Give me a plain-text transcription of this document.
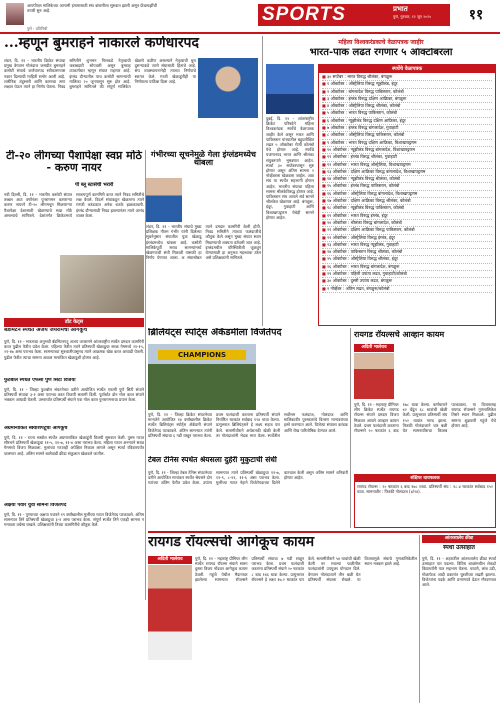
आयपीएल मालिकेच्या आगामी हंगामासाठी संघ बांधणीला सुरुवात झाली असून फ्रॅंचायझींची तयारी सुरु आहे.
पुणे : प्रतिनिधी
SPORTS	प्रभात
पुणे, गुरुवार, १२ जून २०२५	११
...म्हणून बुमराहने नाकारले कर्णधारपद
लंडन, दि. ११ - भारतीय क्रिकेट संघाचा प्रमुख वेगवान गोलंदाज जसप्रीत बुमराहने कसोटी संघाचे कर्णधारपद स्वीकारण्यास नकार दिल्याची माहिती समोर आली आहे. शारीरिक तंदुरुस्ती आणि कामाचा ताण लक्षात घेऊन त्याने हा निर्णय घेतला. निवड समितीने शुभमन गिलकडे नेतृत्वाची जबाबदारी सोपवली असून बुमराह उपकर्णधार म्हणून संघात राहणार आहे. इंग्लंड दौऱ्यातील पाच कसोटी सामन्यांची मालिका २० जूनपासून सुरु होत आहे. बुमराहने सांगितले की संपूर्ण मालिकेत खेळणे कठीण असल्याने नेतृत्वाची धुरा दुसऱ्याकडे जाणे संघासाठी हिताचे आहे. संघ व्यवस्थापनानेही त्याच्या निर्णयाचे स्वागत केले. माजी खेळाडूंनीही या निर्णयाला पाठिंबा दिला आहे.
गंभीरच्या सूचनेमुळे गेला इंग्लंडमध्येच थांबला
लंडन, दि. ११ - भारतीय संघाचे मुख्य प्रशिक्षक गौतम गंभीर यांनी दिलेल्या सूचनेनुसार संघातील युवा खेळाडू इंग्लंडमध्येच थांबला आहे. कसोटी मालिकेपूर्वी सराव सामन्यांमध्ये खेळण्याची संधी मिळावी यासाठी हा निर्णय घेण्यात आला. अ संघासोबत त्याने दमदार कामगिरी केली होती. निवड समितीने त्याच्या फलंदाजीचे कौतुक केले असून मुख्य संघात स्थान मिळण्याची शक्यता वर्तवली जात आहे. इंग्लंडमधील परिस्थितीशी जुळवून घेण्यासाठी हा अनुभव महत्त्वाचा ठरेल असे प्रशिक्षकांनी सांगितले.
टी-२० लीगच्या पैशापेक्षा स्वप्न मोठे - करुण नायर
पी ब्लू स्टार्सची भरारी
नवी दिल्ली, दि. ११ - भारतीय कसोटी संघात तब्बल आठ वर्षांनंतर पुनरागमन करणाऱ्या करुण नायरने टी-२० लीगमधून मिळणाऱ्या पैशापेक्षा देशासाठी खेळण्याचे स्वप्न मोठे असल्याचे सांगितले. देशांतर्गत क्रिकेटमध्ये सातत्यपूर्ण कामगिरी करत त्याने निवड समितीचे लक्ष वेधले. विदर्भ संघाकडून खेळताना त्याने रणजी करंडकात अनेक शतके झळकावली. इंग्लंड दौऱ्यासाठी निवड झाल्यानंतर त्याने आनंद व्यक्त केला.
डॉट केट्स
बॅडमिंटन स्पर्धेत अजय जयरामची आगेकूच
पुणे, दि. ११ - भारताचा अनुभवी बॅडमिंटनपटू अजय जयरामने आंतरराष्ट्रीय स्पर्धेत दमदार कामगिरी करत पुढील फेरीत प्रवेश केला. पहिल्या फेरीत त्याने प्रतिस्पर्धी खेळाडूचा सरळ गेममध्ये २१-१५, २१-१७ असा पराभव केला. सामन्याच्या सुरुवातीपासूनच त्याने आक्रमक खेळ करत आघाडी घेतली. पुढील फेरीत त्याचा सामना अव्वल मानांकित खेळाडूशी होणार आहे.
फुटबॉल स्पर्धेत एफसी पुणे सिटी विजयी
पुणे, दि. ११ - जिल्हा फुटबॉल संघटनेच्या वतीने आयोजित स्पर्धेत एफसी पुणे सिटी संघाने प्रतिस्पर्धी संघाचा ३-१ असा पराभव करत विजयी सलामी दिली. पूर्वार्धात दोन गोल करत संघाने भक्कम आघाडी घेतली. उत्तरार्धात प्रतिस्पर्धी संघाने एक गोल करत पुनरागमनाचा प्रयत्न केला.
अग्रमानांकित स्क्वॉशपटूंची आगेकूच
पुणे, दि. ११ - राज्य स्क्वॉश स्पर्धेत अग्रमानांकित खेळाडूंनी विजयी सुरुवात केली. पुरुष गटात सौरभने प्रतिस्पर्धी खेळाडूचा ११-५, ११-७, ११-४ असा पराभव केला. महिला गटात अनन्याने सरळ गेममध्ये विजय मिळवला. मुलांच्या गटातही अपेक्षित निकाल लागले असून स्पर्धा रविवारपर्यंत चालणार आहे. अंतिम सामने बालेवाडी क्रीडा संकुलात खेळवले जातील.
अक्षया पवार युवा सामना विजेतेपद
पुणे, दि. ११ - पुण्याच्या अक्षया पवारने १९ वर्षांखालील मुलींच्या गटात विजेतेपद पटकावले. अंतिम सामन्यात तिने प्रतिस्पर्धी खेळाडूचा ३-१ असा पराभव केला. संपूर्ण स्पर्धेत तिने एकही सामना न गमावता वर्चस्व राखले. प्रशिक्षकांनी तिच्या कामगिरीचे कौतुक केले.
महिला विश्वकरंडकाचे वेळापत्रक जाहीर
भारत-पाक लढत रंगणार ५ ऑक्टोबरला
दुबई, दि. ११ - आंतरराष्ट्रीय क्रिकेट परिषदेने महिला विश्वकरंडक स्पर्धेचे वेळापत्रक जाहीर केले असून भारत आणि पाकिस्तान यांच्यातील बहुप्रतीक्षित लढत ५ ऑक्टोबर रोजी कोलंबो येथे होणार आहे. स्पर्धेचे यजमानपद भारत आणि श्रीलंका संयुक्तपणे भूषवणार आहेत. स्पर्धा ३० सप्टेंबरपासून सुरु होणार असून अंतिम सामना २ नोव्हेंबरला खेळवला जाईल. आठ संघ या स्पर्धेत सहभागी होणार आहेत. भारतीय संघाचा पहिला सामना श्रीलंकेविरुद्ध होणार आहे. पाकिस्तान संघ आपले सर्व सामने श्रीलंकेत खेळणार आहे. बंगळुरू, इंदूर, गुवाहाटी आणि विशाखापट्टणम येथेही सामने होणार आहेत.
स्पर्धेचे वेळापत्रक
■ ३० सप्टेंबर : भारत विरुद्ध श्रीलंका, बंगळुरू
■ १ ऑक्टोबर : ऑस्ट्रेलिया विरुद्ध न्यूझीलंड, इंदूर
■ २ ऑक्टोबर : बांगलादेश विरुद्ध पाकिस्तान, कोलंबो
■ ३ ऑक्टोबर : इंग्लंड विरुद्ध दक्षिण आफ्रिका, बंगळुरू
■ ४ ऑक्टोबर : ऑस्ट्रेलिया विरुद्ध श्रीलंका, कोलंबो
■ ५ ऑक्टोबर : भारत विरुद्ध पाकिस्तान, कोलंबो
■ ६ ऑक्टोबर : न्यूझीलंड विरुद्ध दक्षिण आफ्रिका, इंदूर
■ ७ ऑक्टोबर : इंग्लंड विरुद्ध बांगलादेश, गुवाहाटी
■ ८ ऑक्टोबर : ऑस्ट्रेलिया विरुद्ध पाकिस्तान, कोलंबो
■ ९ ऑक्टोबर : भारत विरुद्ध दक्षिण आफ्रिका, विशाखापट्टणम
■ १० ऑक्टोबर : न्यूझीलंड विरुद्ध बांगलादेश, विशाखापट्टणम
■ ११ ऑक्टोबर : इंग्लंड विरुद्ध श्रीलंका, गुवाहाटी
■ १२ ऑक्टोबर : भारत विरुद्ध ऑस्ट्रेलिया, विशाखापट्टणम
■ १३ ऑक्टोबर : दक्षिण आफ्रिका विरुद्ध बांगलादेश, विशाखापट्टणम
■ १४ ऑक्टोबर : न्यूझीलंड विरुद्ध श्रीलंका, कोलंबो
■ १५ ऑक्टोबर : इंग्लंड विरुद्ध पाकिस्तान, कोलंबो
■ १६ ऑक्टोबर : ऑस्ट्रेलिया विरुद्ध बांगलादेश, विशाखापट्टणम
■ १७ ऑक्टोबर : दक्षिण आफ्रिका विरुद्ध श्रीलंका, कोलंबो
■ १८ ऑक्टोबर : न्यूझीलंड विरुद्ध पाकिस्तान, कोलंबो
■ १९ ऑक्टोबर : भारत विरुद्ध इंग्लंड, इंदूर
■ २० ऑक्टोबर : श्रीलंका विरुद्ध बांगलादेश, कोलंबो
■ २१ ऑक्टोबर : दक्षिण आफ्रिका विरुद्ध पाकिस्तान, कोलंबो
■ २२ ऑक्टोबर : ऑस्ट्रेलिया विरुद्ध इंग्लंड, इंदूर
■ २३ ऑक्टोबर : भारत विरुद्ध न्यूझीलंड, गुवाहाटी
■ २४ ऑक्टोबर : पाकिस्तान विरुद्ध श्रीलंका, कोलंबो
■ २५ ऑक्टोबर : ऑस्ट्रेलिया विरुद्ध श्रीलंका, इंदूर
■ २६ ऑक्टोबर : भारत विरुद्ध बांगलादेश, बंगळुरू
■ २९ ऑक्टोबर : पहिली उपांत्य लढत, गुवाहाटी/कोलंबो
■ ३० ऑक्टोबर : दुसरी उपांत्य लढत, बंगळुरू
■ २ नोव्हेंबर : अंतिम लढत, बंगळुरू/कोलंबो
ब्रिलियंट्स स्पोर्ट्स ॲकॅडमीला विजेतेपद
CHAMPIONS
पुणे, दि. ११ - जिल्हा क्रिकेट संघटनेच्या मान्यतेने आयोजित १४ वर्षांखालील क्रिकेट स्पर्धेत ब्रिलियंट्स स्पोर्ट्स ॲकॅडमी संघाने विजेतेपद पटकावले. अंतिम सामन्यात त्यांनी प्रतिस्पर्धी संघाचा ६ गडी राखून पराभव केला. प्रथम फलंदाजी करताना प्रतिस्पर्धी संघाने निर्धारित षटकांत सर्वबाद १२४ धावा केल्या. प्रत्युत्तरात ब्रिलियंट्सने हे लक्ष्य सहज पार केले. सलामीवीराने अर्धशतकी खेळी केली तर गोलंदाजांनी भेदक मारा केला. स्पर्धेतील सर्वोत्तम फलंदाज, गोलंदाज आणि मालिकावीर पुरस्कारांचे वितरण मान्यवरांच्या हस्ते करण्यात आले. विजेत्या संघाला करंडक आणि रोख पारितोषिक देण्यात आले.
टेबल टेनिस स्पर्धेत श्रेयसला दुहेरी मुकुटाची संधी
पुणे, दि. ११ - जिल्हा टेबल टेनिस संघटनेच्या वतीने आयोजित मानांकन स्पर्धेत श्रेयसने दोन गटांच्या अंतिम फेरीत प्रवेश केला. उपांत्य सामन्यात त्याने प्रतिस्पर्धी खेळाडूचा ११-७, ११-९, ८-११, ११-६ असा पराभव केला. मुलींच्या गटात नेहाने विजेतेपदाच्या दिशेने वाटचाल केली असून अंतिम सामने शनिवारी होणार आहेत.
रायगड रॉयल्सचे आव्हान कायम
अदिती भालेराव
पुणे, दि. ११ - महाराष्ट्र प्रीमियर लीग क्रिकेट स्पर्धेत रायगड रॉयल्स संघाने दमदार विजय मिळवत आपले आव्हान कायम ठेवले. प्रथम फलंदाजी करताना रॉयल्सने २० षटकांत ६ बाद १७८ धावा केल्या. कर्णधाराने ४२ चेंडूंत ६८ धावांची खेळी केली. प्रत्युत्तरात प्रतिस्पर्धी संघ १५२ धावांत गारद झाला. फिरकी गोलंदाजाने चार बळी घेत सामनावीराचा किताब पटकावला. या विजयासह रायगड रॉयल्सने गुणतालिकेत तिसरे स्थान मिळवले. पुढील सामना शुक्रवारी गहुंजे येथे होणार आहे.
संक्षिप्त धावफलक
रायगड रॉयल्स : २० षटकांत ६ बाद १७८ धावा. प्रतिस्पर्धी संघ : १८.४ षटकांत सर्वबाद १५२ धावा. सामनावीर : फिरकी गोलंदाज (४/२४).
रायगड रॉयल्सची आगेकूच कायम
अदिती भालेराव	पुणे, दि. ११ - महाराष्ट्र प्रीमियर लीग स्पर्धेत रायगड रॉयल्स संघाने सलग दुसरा विजय नोंदवत आगेकूच कायम ठेवली. गहुंजे येथील मैदानावर झालेल्या सामन्यात रॉयल्सने प्रतिस्पर्धी संघाचा ७ गडी राखून पराभव केला. प्रथम फलंदाजी करताना प्रतिस्पर्धी संघाने २० षटकांत ८ बाद १४६ धावा केल्या. प्रत्युत्तरात रॉयल्सने हे लक्ष्य १७.२ षटकांत पार केले. सलामीवीराने ५४ धावांची खेळी केली तर मधल्या फळीतील फलंदाजांनी उपयुक्त योगदान दिले. वेगवान गोलंदाजाने तीन बळी घेत प्रतिस्पर्धी संघाला रोखले. या विजयामुळे संघाचे गुणतालिकेतील स्थान भक्कम झाले आहे.
आंतरशालेय क्रीडा
स्पर्धा उत्साहात
पुणे, दि. ११ - शहरातील आंतरशालेय क्रीडा स्पर्धा उत्साहात पार पडल्या. विविध शाळांमधील शेकडो विद्यार्थ्यांनी यात सहभाग घेतला. धावणे, लांब उडी, गोळाफेक आदी प्रकारांत चुरशीच्या लढती झाल्या. विजेत्यांना पदके आणि प्रमाणपत्रे देऊन गौरवण्यात आले.
